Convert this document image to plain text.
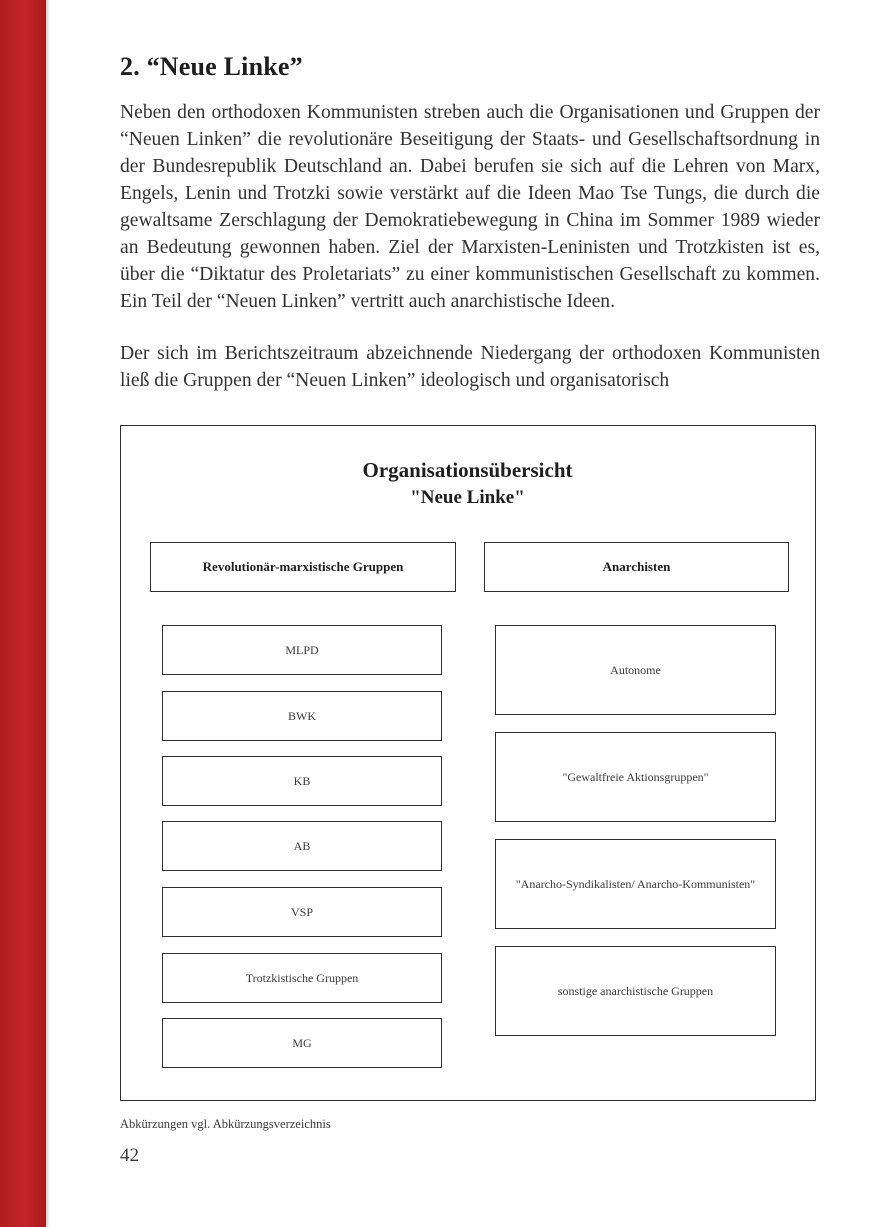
2. “Neue Linke”

Neben den orthodoxen Kommunisten streben auch die Organisationen und Gruppen der “Neuen Linken” die revolutionäre Beseitigung der Staats- und Gesellschaftsordnung in der Bundesrepublik Deutschland an. Dabei berufen sie sich auf die Lehren von Marx, Engels, Lenin und Trotzki sowie verstärkt auf die Ideen Mao Tse Tungs, die durch die gewaltsame Zerschlagung der Demokratiebewegung in China im Sommer 1989 wieder an Bedeutung gewonnen haben. Ziel der Marxisten-Leninisten und Trotzkisten ist es, über die “Diktatur des Proletariats” zu einer kommunistischen Gesellschaft zu kommen. Ein Teil der “Neuen Linken” vertritt auch anarchistische Ideen.

Der sich im Berichtszeitraum abzeichnende Niedergang der orthodoxen Kommunisten ließ die Gruppen der “Neuen Linken” ideologisch und organisatorisch

Organisationsübersicht

"Neue Linke"

Revolutionär-marxistische Gruppen	Anarchisten
MLPD
BWK
KB
AB
VSP
Trotzkistische Gruppen
MG
Autonome
"Gewaltfreie Aktionsgruppen"
"Anarcho-Syndikalisten/ Anarcho-Kommunisten"
sonstige anarchistische Gruppen

Abkürzungen vgl. Abkürzungsverzeichnis

42
